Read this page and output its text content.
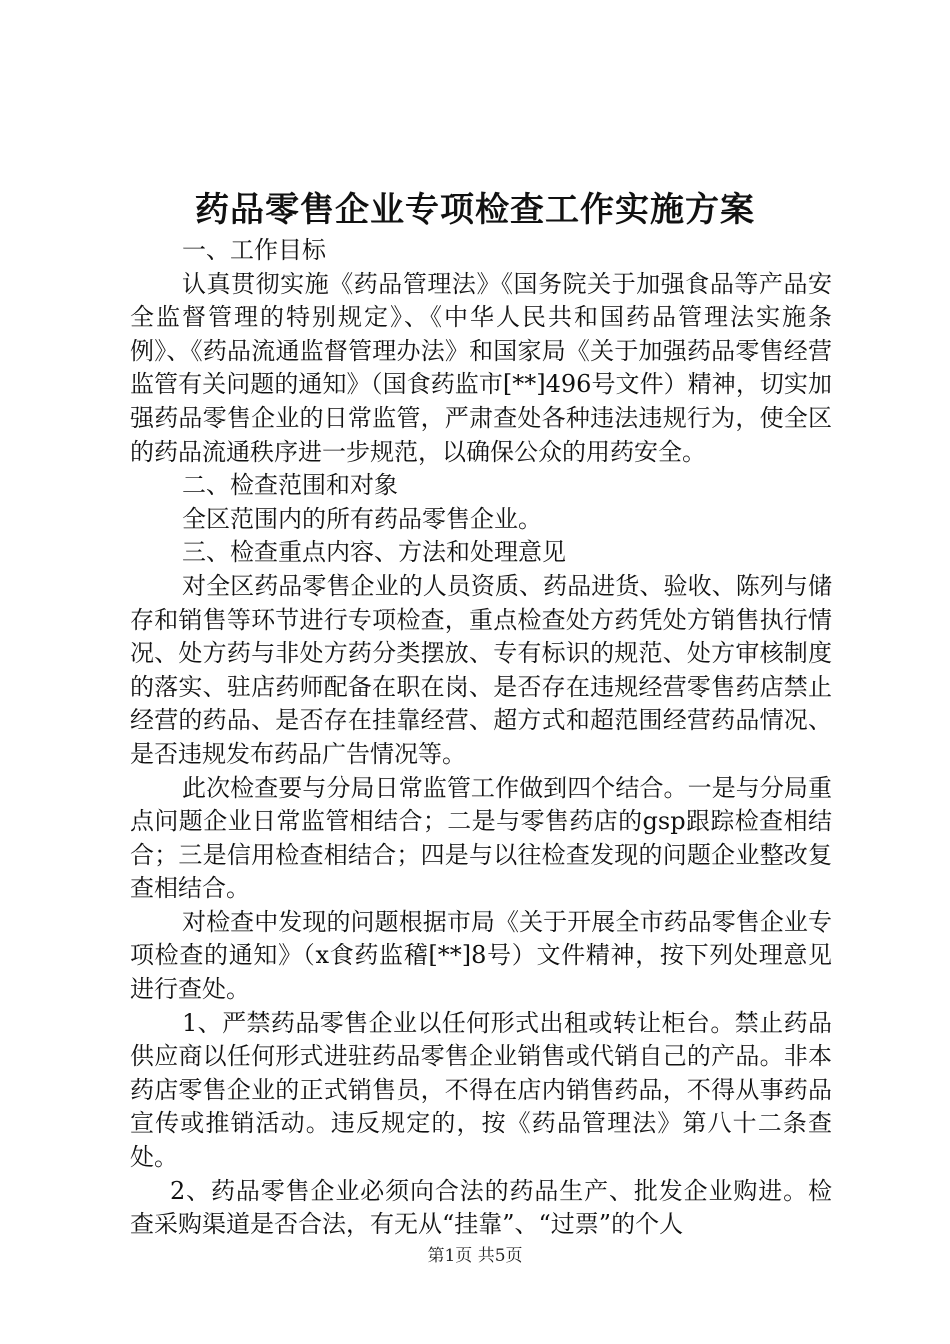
药品零售企业专项检查工作实施方案

一、工作目标

认真贯彻实施《药品管理法》《国务院关于加强食品等产品安全监督管理的特别规定》、《中华人民共和国药品管理法实施条例》、《药品流通监督管理办法》和国家局《关于加强药品零售经营监管有关问题的通知》（国食药监市[**]496号文件）精神，切实加强药品零售企业的日常监管，严肃查处各种违法违规行为，使全区的药品流通秩序进一步规范，以确保公众的用药安全。

二、检查范围和对象

全区范围内的所有药品零售企业。

三、检查重点内容、方法和处理意见

对全区药品零售企业的人员资质、药品进货、验收、陈列与储存和销售等环节进行专项检查，重点检查处方药凭处方销售执行情况、处方药与非处方药分类摆放、专有标识的规范、处方审核制度的落实、驻店药师配备在职在岗、是否存在违规经营零售药店禁止经营的药品、是否存在挂靠经营、超方式和超范围经营药品情况、是否违规发布药品广告情况等。

此次检查要与分局日常监管工作做到四个结合。一是与分局重点问题企业日常监管相结合；二是与零售药店的gsp跟踪检查相结合；三是信用检查相结合；四是与以往检查发现的问题企业整改复查相结合。

对检查中发现的问题根据市局《关于开展全市药品零售企业专项检查的通知》（x食药监稽[**]8号）文件精神，按下列处理意见进行查处。

1、严禁药品零售企业以任何形式出租或转让柜台。禁止药品供应商以任何形式进驻药品零售企业销售或代销自己的产品。非本药店零售企业的正式销售员，不得在店内销售药品，不得从事药品宣传或推销活动。违反规定的，按《药品管理法》第八十二条查处。

2、药品零售企业必须向合法的药品生产、批发企业购进。检查采购渠道是否合法，有无从“挂靠”、“过票”的个人

第1页 共5页
